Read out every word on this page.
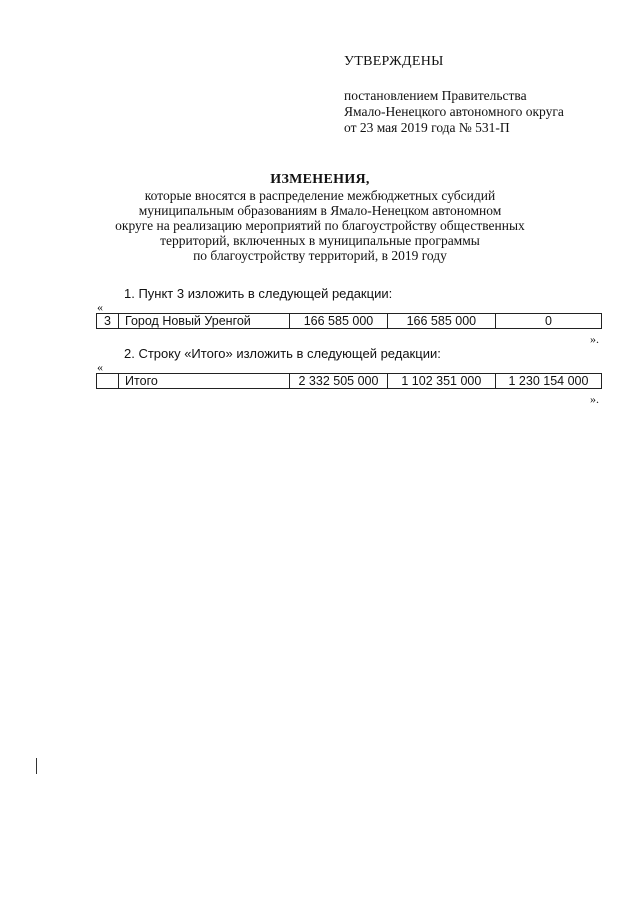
УТВЕРЖДЕНЫ
постановлением Правительства
Ямало-Ненецкого автономного округа
от 23 мая 2019 года № 531-П
ИЗМЕНЕНИЯ,
которые вносятся в распределение межбюджетных субсидий
муниципальным образованиям в Ямало-Ненецком автономном
округе на реализацию мероприятий по благоустройству общественных
территорий, включенных в муниципальные программы
по благоустройству территорий, в 2019 году
1. Пункт 3 изложить в следующей редакции:
«
3	Город Новый Уренгой	166 585 000	166 585 000	0
».
2. Строку «Итого» изложить в следующей редакции:
«
	Итого	2 332 505 000	1 102 351 000	1 230 154 000
».
